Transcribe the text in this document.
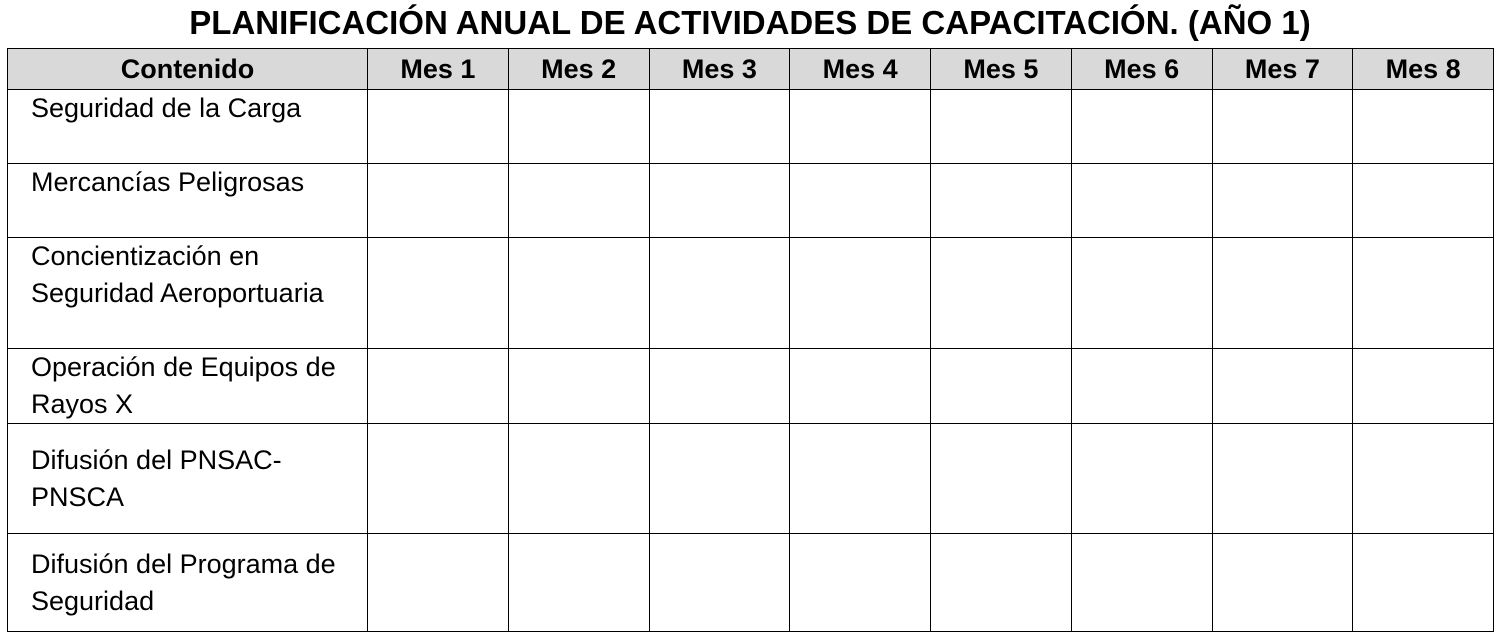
PLANIFICACIÓN ANUAL DE ACTIVIDADES DE CAPACITACIÓN. (AÑO 1)
Contenido	Mes 1	Mes 2	Mes 3	Mes 4	Mes 5	Mes 6	Mes 7	Mes 8
Seguridad de la Carga								
Mercancías Peligrosas								
Concientización en Seguridad Aeroportuaria								
Operación de Equipos de Rayos X								
Difusión del PNSAC-PNSCA								
Difusión del Programa de Seguridad								
